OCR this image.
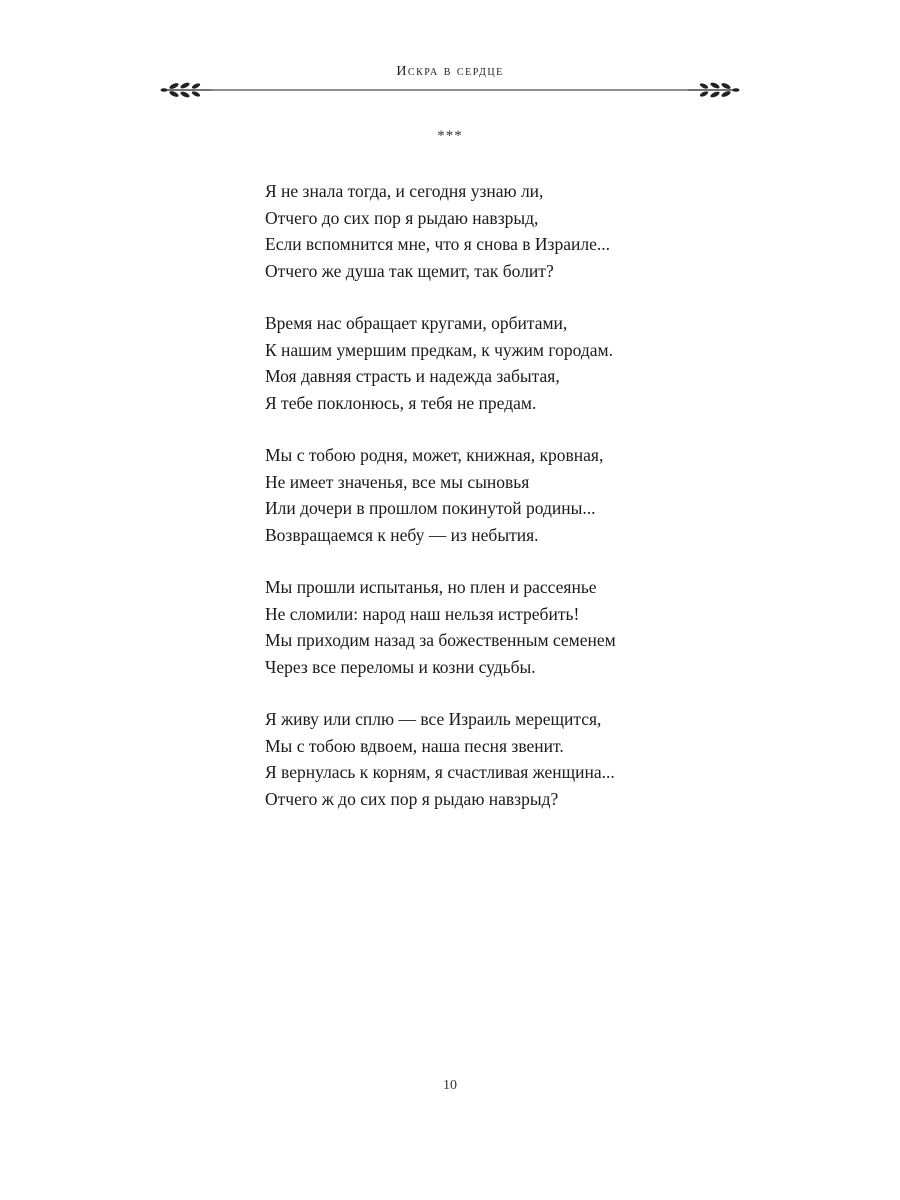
Искра в сердце
***
Я не знала тогда, и сегодня узнаю ли,
Отчего до сих пор я рыдаю навзрыд,
Если вспомнится мне, что я снова в Израиле...
Отчего же душа так щемит, так болит?
Время нас обращает кругами, орбитами,
К нашим умершим предкам, к чужим городам.
Моя давняя страсть и надежда забытая,
Я тебе поклонюсь, я тебя не предам.
Мы с тобою родня, может, книжная, кровная,
Не имеет значенья, все мы сыновья
Или дочери в прошлом покинутой родины...
Возвращаемся к небу — из небытия.
Мы прошли испытанья, но плен и рассеянье
Не сломили: народ наш нельзя истребить!
Мы приходим назад за божественным семенем
Через все переломы и козни судьбы.
Я живу или сплю — все Израиль мерещится,
Мы с тобою вдвоем, наша песня звенит.
Я вернулась к корням, я счастливая женщина...
Отчего ж до сих пор я рыдаю навзрыд?
10
